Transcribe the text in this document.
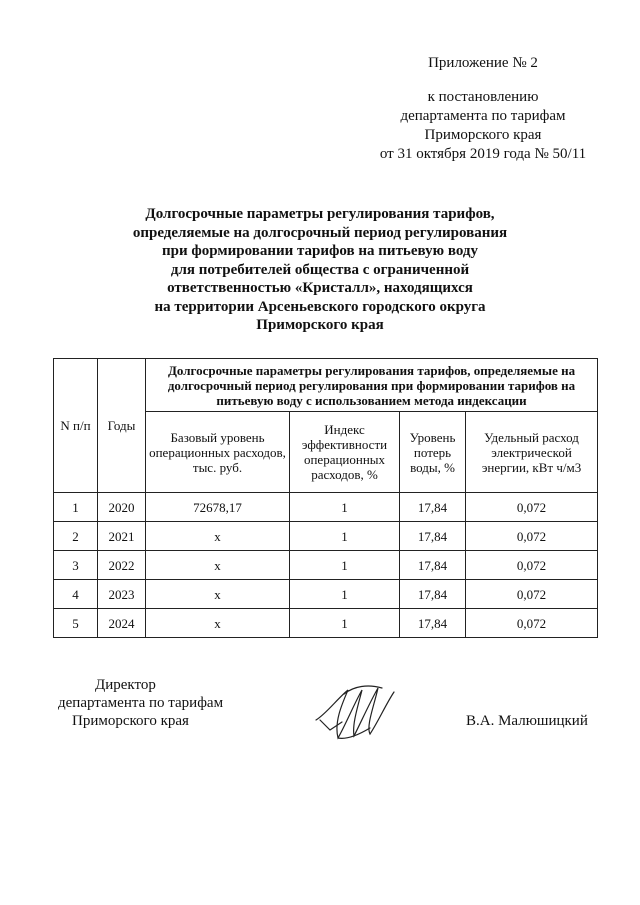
Приложение № 2
к постановлению
департамента по тарифам
Приморского края
от 31 октября 2019 года № 50/11
Долгосрочные параметры регулирования тарифов,
определяемые на долгосрочный период регулирования
при формировании тарифов на питьевую воду
для потребителей общества с ограниченной
ответственностью «Кристалл», находящихся
на территории Арсеньевского городского округа
Приморского края
N п/п	Годы	Долгосрочные параметры регулирования тарифов, определяемые на долгосрочный период регулирования при формировании тарифов на питьевую воду с использованием метода индексации			
		Базовый уровень операционных расходов, тыс. руб.	Индекс эффективности операционных расходов, %	Уровень потерь воды, %	Удельный расход электрической энергии, кВт ч/м3
1	2020	72678,17	1	17,84	0,072
2	2021	х	1	17,84	0,072
3	2022	х	1	17,84	0,072
4	2023	х	1	17,84	0,072
5	2024	х	1	17,84	0,072
Директор
департамента по тарифам
Приморского края	В.А. Малюшицкий
